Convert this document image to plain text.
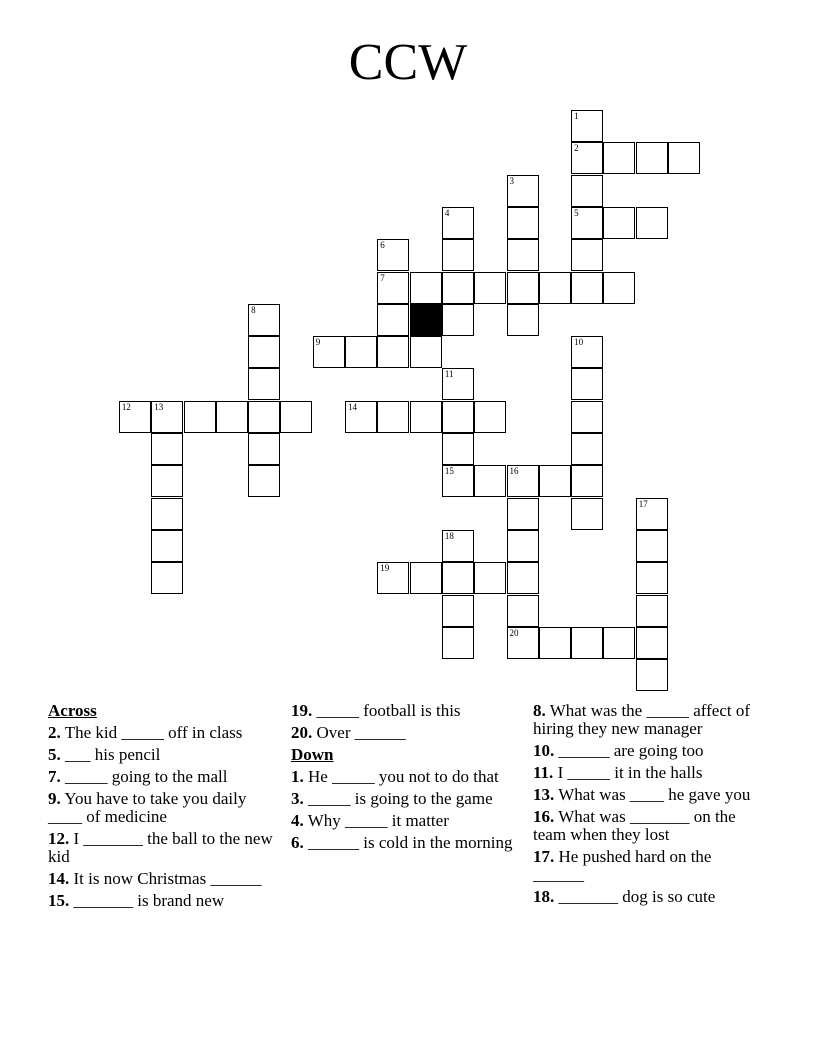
CCW
1
2
3
4	5
6
7
8
9	10
11
12	13	14
15	16
17
18
19
20
Across
2. The kid _____ off in class
5. ___ his pencil
7. _____ going to the mall
9. You have to take you daily ____ of medicine
12. I _______ the ball to the new kid
14. It is now Christmas ______
15. _______ is brand new
19. _____ football is this
20. Over ______
Down
1. He _____ you not to do that
3. _____ is going to the game
4. Why _____ it matter
6. ______ is cold in the morning
8. What was the _____ affect of hiring they new manager
10. ______ are going too
11. I _____ it in the halls
13. What was ____ he gave you
16. What was _______ on the team when they lost
17. He pushed hard on the ______
18. _______ dog is so cute
